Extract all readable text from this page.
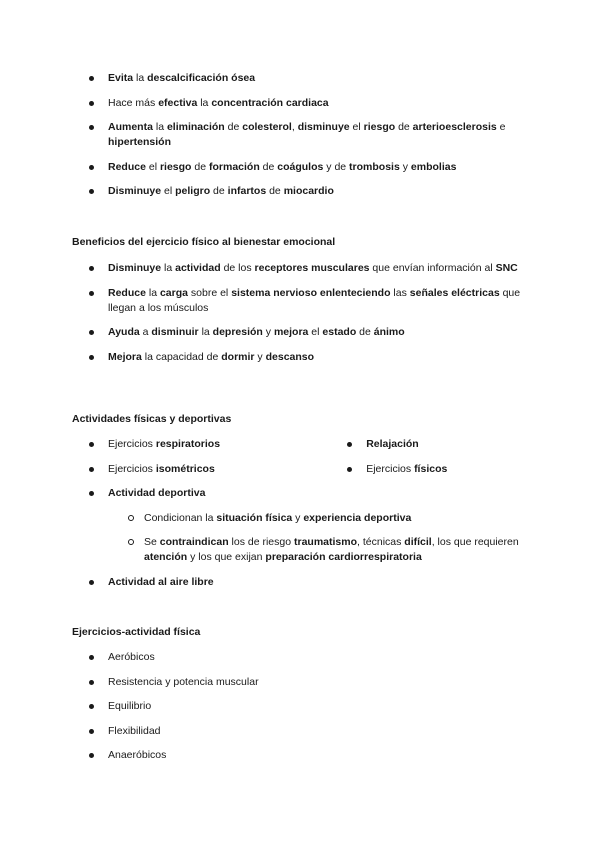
Evita la descalcificación ósea
Hace más efectiva la concentración cardiaca
Aumenta la eliminación de colesterol, disminuye el riesgo de arterioesclerosis e hipertensión
Reduce el riesgo de formación de coágulos y de trombosis y embolias
Disminuye el peligro de infartos de miocardio
Beneficios del ejercicio físico al bienestar emocional
Disminuye la actividad de los receptores musculares que envían información al SNC
Reduce la carga sobre el sistema nervioso enlenteciendo las señales eléctricas que llegan a los músculos
Ayuda a disminuir la depresión y mejora el estado de ánimo
Mejora la capacidad de dormir y descanso
Actividades físicas y deportivas
Ejercicios respiratorios	Relajación
Ejercicios isométricos	Ejercicios físicos
Actividad deportiva
Condicionan la situación física y experiencia deportiva
Se contraindican los de riesgo traumatismo, técnicas difícil, los que requieren atención y los que exijan preparación cardiorrespiratoria
Actividad al aire libre
Ejercicios-actividad física
Aeróbicos
Resistencia y potencia muscular
Equilibrio
Flexibilidad
Anaeróbicos
